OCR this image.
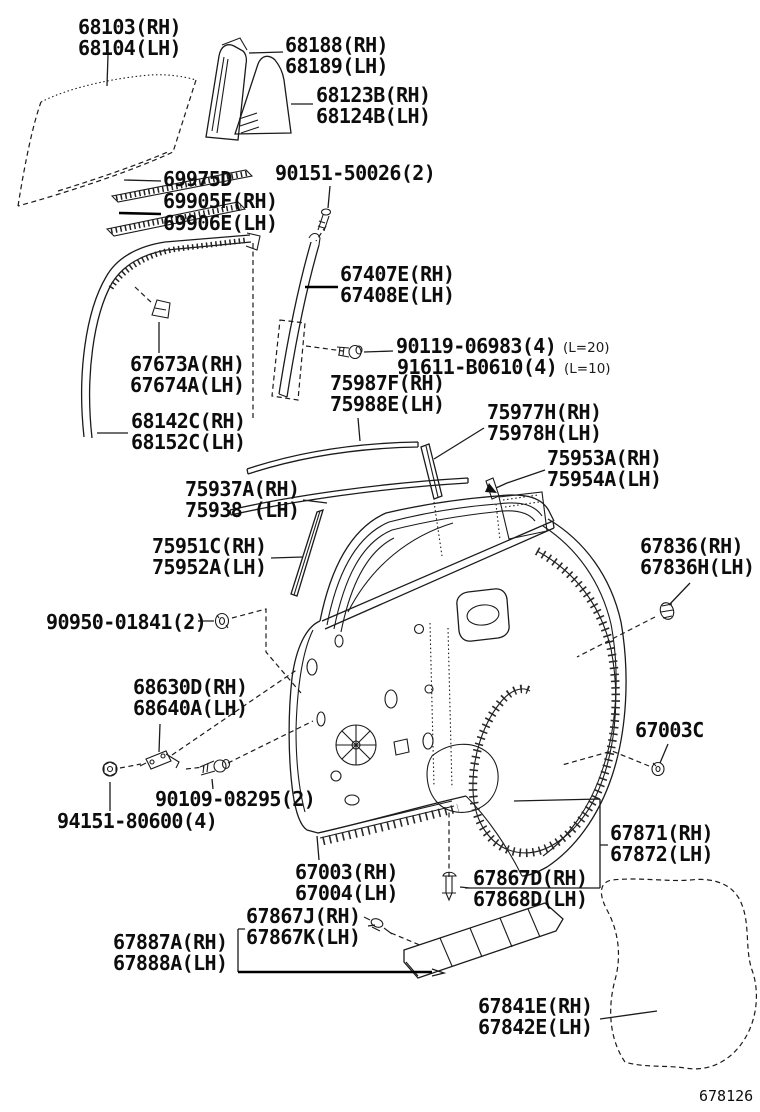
68103(RH)
68104(LH)	68188(RH)
68189(LH)
68123B(RH)
68124B(LH)
69975D 90151-50026(2)
69905F(RH)
69906E(LH)
67407E(RH)
67408E(LH)
90119-06983(4) (L=20)
91611-B0610(4) (L=10)
75987F(RH)
75988E(LH)
67673A(RH)
67674A(LH)
68142C(RH)
68152C(LH)
75977H(RH)
75978H(LH)
75953A(RH)
75954A(LH)
75937A(RH)
75938 (LH)
75951C(RH)
75952A(LH)
67836(RH)
67836H(LH)
90950-01841(2)
68630D(RH)
68640A(LH)
67003C
90109-08295(2)
94151-80600(4)	67871(RH)
67872(LH)
67003(RH)
67004(LH)
67867D(RH)
67868D(LH)
67867J(RH)
67867K(LH)
67887A(RH)
67888A(LH)
67841E(RH)
67842E(LH)
678126
